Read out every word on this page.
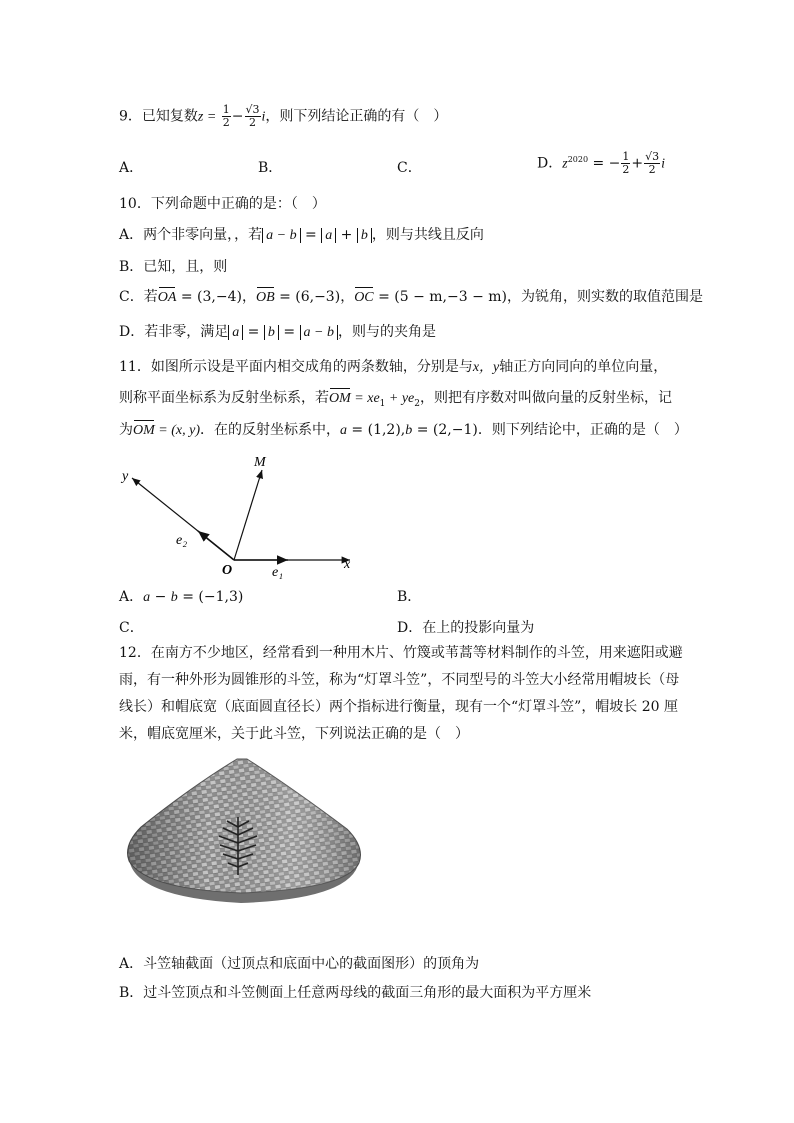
9．已知复数$z = \frac{1}{2} - \frac{√3}{2}$ i，则下列结论正确的有（　）
A．	B．	C．	D．$z^{2020}$ = − $\frac{1}{2} + \frac{√3}{2}$ i
10．下列命题中正确的是：（　）
A．两个非零向量，，若 a − b = a + b ，则与共线且反向
B．已知，且，则
C．若OA = (3,−4)，OB = (6,−3)，OC = (5 − m,−3 − m)，为锐角，则实数的取值范围是
D．若非零，满足 a = b = a − b ，则与的夹角是
11．如图所示设是平面内相交成角的两条数轴，分别是与x，y轴正方向同向的单位向量，
则称平面坐标系为反射坐标系，若OM = $xe_1 + ye_2$，则把有序数对叫做向量的反射坐标，记
为OM = (x, y)．在的反射坐标系中，a = (1,2),b = (2,−1)．则下列结论中，正确的是（　）
y
M
O	x
e₁
e₂
A．a − b = (−1,3)	B．
C．	D．在上的投影向量为
12．在南方不少地区，经常看到一种用木片、竹篾或苇蒿等材料制作的斗笠，用来遮阳或避
雨，有一种外形为圆锥形的斗笠，称为“灯罩斗笠”，不同型号的斗笠大小经常用帽坡长（母
线长）和帽底宽（底面圆直径长）两个指标进行衡量，现有一个“灯罩斗笠”，帽坡长 20 厘
米，帽底宽厘米，关于此斗笠，下列说法正确的是（　）
A．斗笠轴截面（过顶点和底面中心的截面图形）的顶角为
B．过斗笠顶点和斗笠侧面上任意两母线的截面三角形的最大面积为平方厘米
